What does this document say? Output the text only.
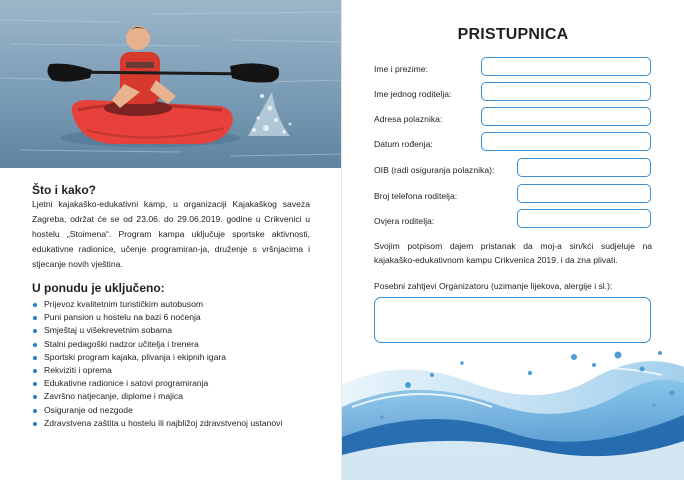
Što i kako?

Ljetni kajakaško-edukativni kamp, u organizaciji Kajakaškog saveza Zagreba, održat će se od 23.06. do 29.06.2019. godine u Crikvenici u hostelu „Stoimena“. Program kampa uključuje sportske aktivnosti, edukativne radionice, učenje programiran-ja, druženje s vršnjacima i stjecanje novih vještina.

U ponudu je uključeno:
Prijevoz kvalitetnim turističkim autobusom
Puni pansion u hostelu na bazi 6 noćenja
Smještaj u višekrevetnim sobama
Stalni pedagoški nadzor učitelja i trenera
Sportski program kajaka, plivanja i ekipnih igara
Rekviziti i oprema
Edukativne radionice i satovi programiranja
Završno natjecanje, diplome i majica
Osiguranje od nezgode
Zdravstvena zaštita u hostelu ili najbližoj zdravstvenoj ustanovi
PRISTUPNICA
Ime i prezime:
Ime jednog roditelja:
Adresa polaznika:
Datum rođenja:
OIB (radi osiguranja polaznika):
Broj telefona roditelja:
Ovjera roditelja:

Svojim potpisom dajem pristanak da moj-a sin/kći sudjeluje na kajakaško-edukativnom kampu Crikvenica 2019. i da zna plivati.

Posebni zahtjevi Organizatoru (uzimanje lijekova, alergije i sl.):
